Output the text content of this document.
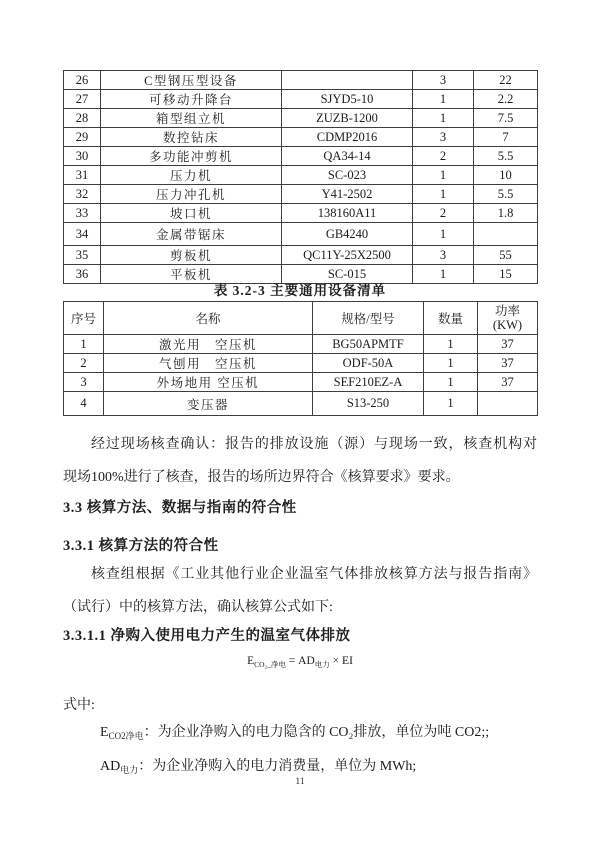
26	C型钢压型设备		3	22
27	可移动升降台	SJYD5-10	1	2.2
28	箱型组立机	ZUZB-1200	1	7.5
29	数控钻床	CDMP2016	3	7
30	多功能冲剪机	QA34-14	2	5.5
31	压力机	SC-023	1	10
32	压力冲孔机	Y41-2502	1	5.5
33	坡口机	138160A11	2	1.8
34	金属带锯床	GB4240	1	
35	剪板机	QC11Y-25X2500	3	55
36	平板机	SC-015	1	15
表 3.2-3 主要通用设备清单
序号	名称	规格/型号	数量	功率
(KW)

1	激光用　空压机	BG50APMTF	1	37
2	气刨用　空压机	ODF-50A	1	37
3	外场地用 空压机	SEF210EZ-A	1	37
4	变压器	S13-250	1	
经过现场核查确认：报告的排放设施（源）与现场一致，核查机构对
现场100%进行了核查，报告的场所边界符合《核算要求》要求。
3.3 核算方法、数据与指南的符合性
3.3.1 核算方法的符合性
核查组根据《工业其他行业企业温室气体排放核算方法与报告指南》
（试行）中的核算方法，确认核算公式如下:
3.3.1.1 净购入使用电力产生的温室气体排放
$E_{CO_2\_净电} = AD_{电力}$ × EI
式中:
$E_{CO2净电}$：为企业净购入的电力隐含的 CO₂排放，单位为吨 CO2;;
$AD_{电力}$：为企业净购入的电力消费量，单位为 MWh;
11
